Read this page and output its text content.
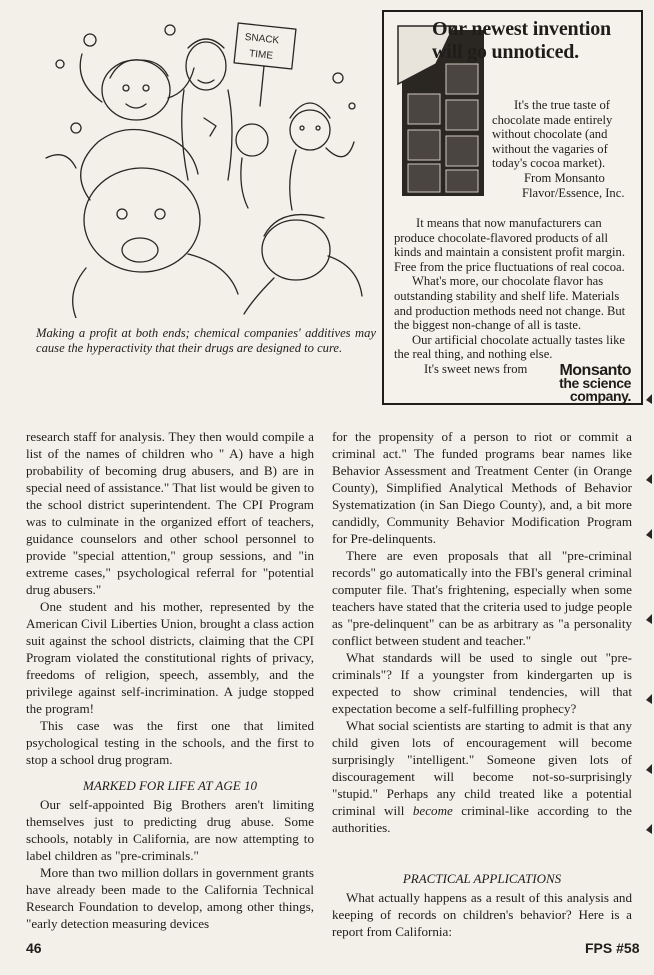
SNACK
TIME

Making a profit at both ends; chemical companies' additives may cause the hyperactivity that their drugs are designed to cure.

Our newest invention
will go unnoticed.

It's the true taste of chocolate made entirely without chocolate (and without the vagaries of today's cocoa market).

From Monsanto

Flavor/Essence, Inc.

It means that now manufacturers can produce chocolate-flavored products of all kinds and maintain a consistent profit margin. Free from the price fluctuations of real cocoa.

What's more, our chocolate flavor has outstanding stability and shelf life. Materials and production methods need not change. But the biggest non-change of all is taste.

Our artificial chocolate actually tastes like the real thing, and nothing else.

It's sweet news from	Monsanto
the science
company.

research staff for analysis. They then would compile a list of the names of children who " A) have a high probability of becoming drug abusers, and B) are in special need of assistance." That list would be given to the school district superintendent. The CPI Program was to culminate in the organized effort of teachers, guidance counselors and other school personnel to provide "special attention," group sessions, and "in extreme cases," psychological referral for "potential drug abusers."

One student and his mother, represented by the American Civil Liberties Union, brought a class action suit against the school districts, claiming that the CPI Program violated the constitutional rights of privacy, freedoms of religion, speech, assembly, and the privilege against self-incrimination. A judge stopped the program!

This case was the first one that limited psychological testing in the schools, and the first to stop a school drug program.

MARKED FOR LIFE AT AGE 10

Our self-appointed Big Brothers aren't limiting themselves just to predicting drug abuse. Some schools, notably in California, are now attempting to label children as "pre-criminals."

More than two million dollars in government grants have already been made to the California Technical Research Foundation to develop, among other things, "early detection measuring devices

for the propensity of a person to riot or commit a criminal act." The funded programs bear names like Behavior Assessment and Treatment Center (in Orange County), Simplified Analytical Methods of Behavior Systematization (in San Diego County), and, a bit more candidly, Community Behavior Modification Program for Pre-delinquents.

There are even proposals that all "pre-criminal records" go automatically into the FBI's general criminal computer file. That's frightening, especially when some teachers have stated that the criteria used to judge people as "pre-delinquent" can be as arbitrary as "a personality conflict between student and teacher."

What standards will be used to single out "pre-criminals"? If a youngster from kindergarten up is expected to show criminal tendencies, will that expectation become a self-fulfilling prophecy?

What social scientists are starting to admit is that any child given lots of encouragement will become surprisingly "intelligent." Someone given lots of discouragement will become not-so-surprisingly "stupid." Perhaps any child treated like a potential criminal will become criminal-like according to the authorities.

PRACTICAL APPLICATIONS

What actually happens as a result of this analysis and keeping of records on children's behavior? Here is a report from California:

46	FPS #58
